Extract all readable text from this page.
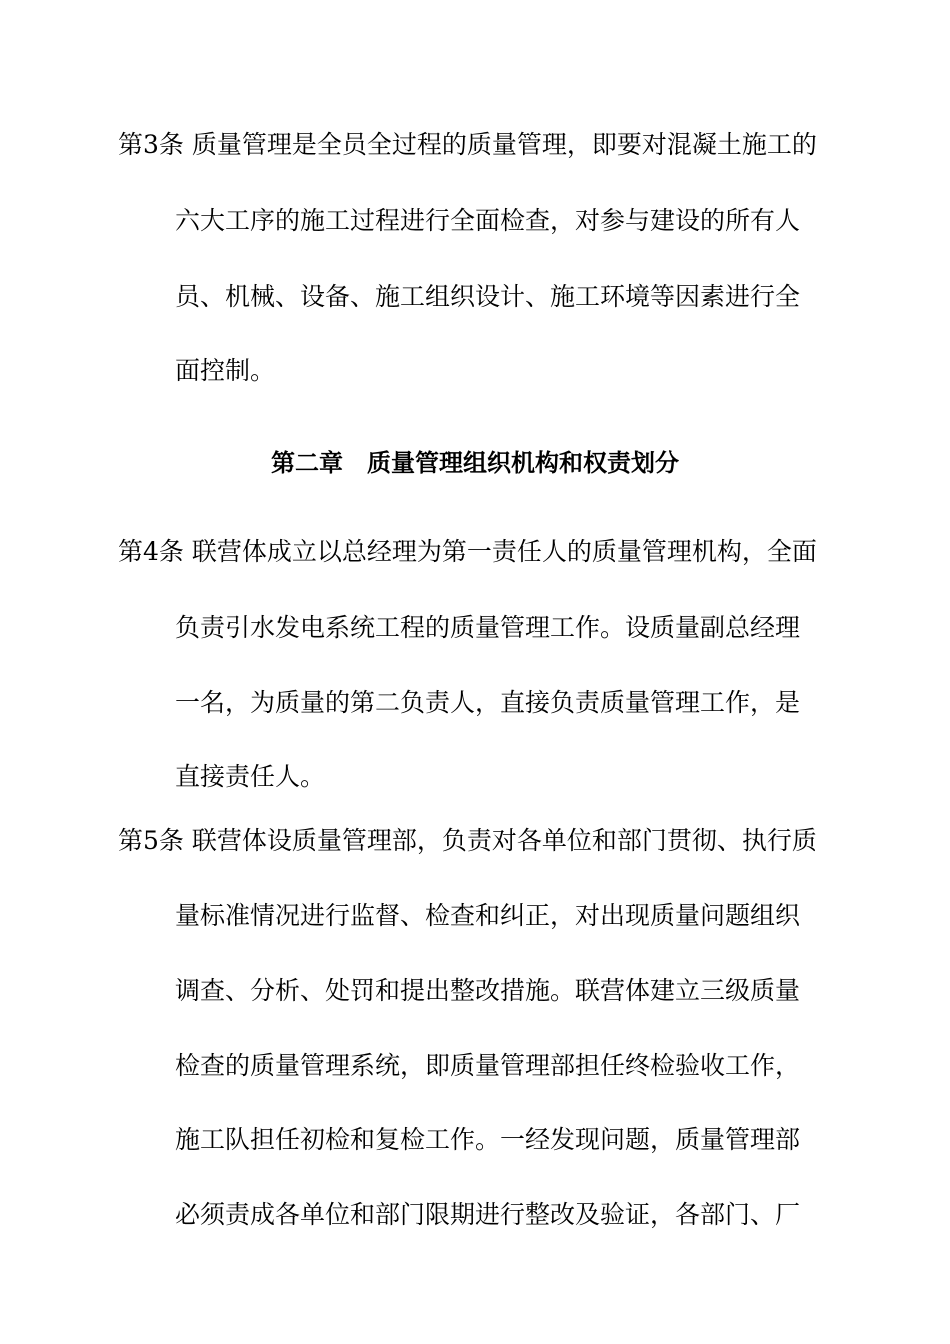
第3条 质量管理是全员全过程的质量管理，即要对混凝土施工的
六大工序的施工过程进行全面检查，对参与建设的所有人
员、机械、设备、施工组织设计、施工环境等因素进行全
面控制。
第二章　质量管理组织机构和权责划分
第4条 联营体成立以总经理为第一责任人的质量管理机构，全面
负责引水发电系统工程的质量管理工作。设质量副总经理
一名，为质量的第二负责人，直接负责质量管理工作，是
直接责任人。
第5条 联营体设质量管理部，负责对各单位和部门贯彻、执行质
量标准情况进行监督、检查和纠正，对出现质量问题组织
调查、分析、处罚和提出整改措施。联营体建立三级质量
检查的质量管理系统，即质量管理部担任终检验收工作，
施工队担任初检和复检工作。一经发现问题，质量管理部
必须责成各单位和部门限期进行整改及验证，各部门、厂
